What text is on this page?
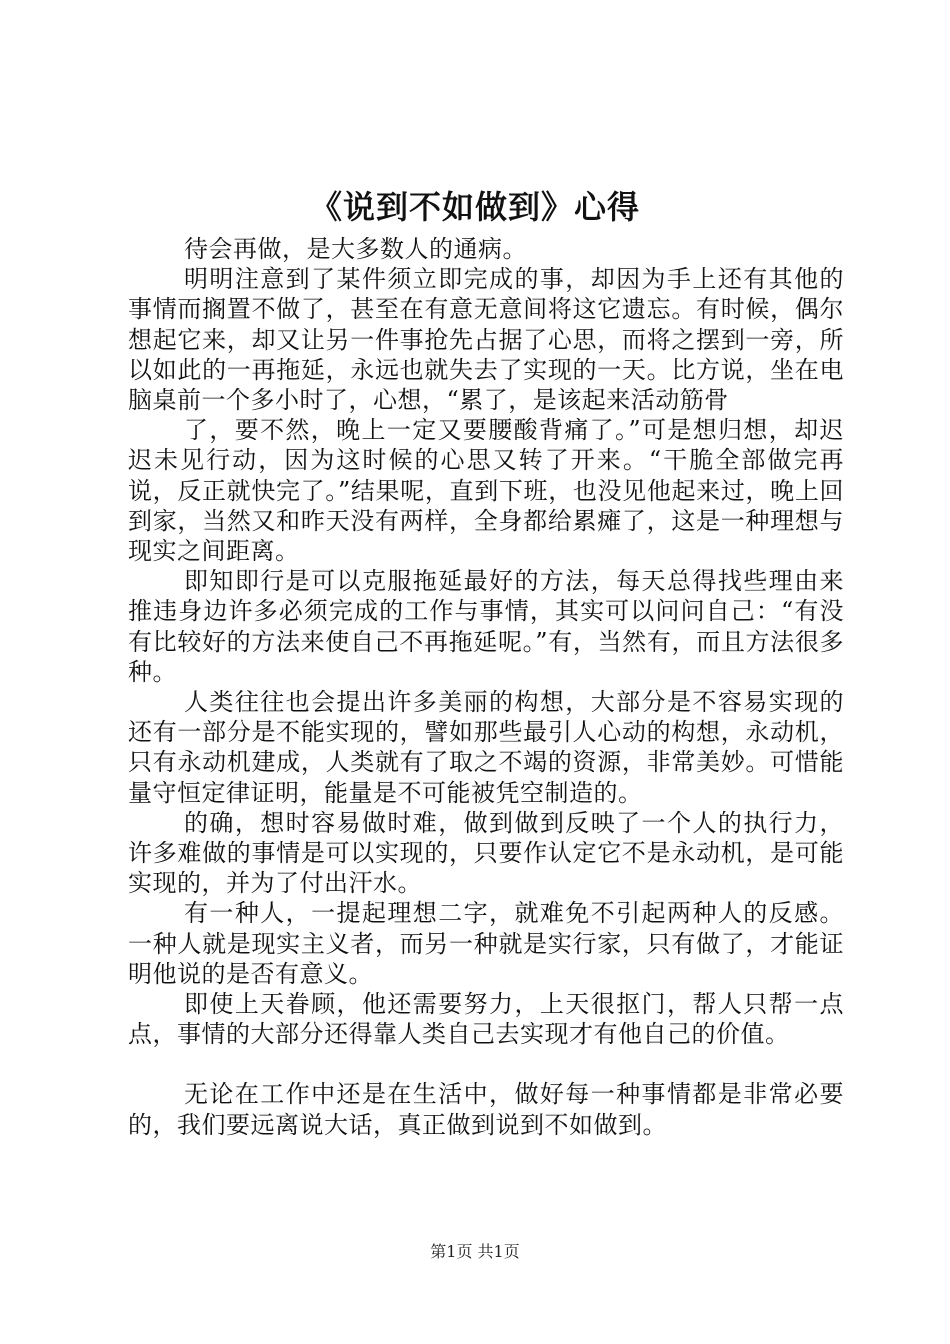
《说到不如做到》心得

待会再做，是大多数人的通病。

明明注意到了某件须立即完成的事，却因为手上还有其他的事情而搁置不做了，甚至在有意无意间将这它遗忘。有时候，偶尔想起它来，却又让另一件事抢先占据了心思，而将之摆到一旁，所以如此的一再拖延，永远也就失去了实现的一天。比方说，坐在电脑桌前一个多小时了，心想，“累了，是该起来活动筋骨

了，要不然，晚上一定又要腰酸背痛了。”可是想归想，却迟迟未见行动，因为这时候的心思又转了开来。“干脆全部做完再说，反正就快完了。”结果呢，直到下班，也没见他起来过，晚上回到家，当然又和昨天没有两样，全身都给累瘫了，这是一种理想与现实之间距离。

即知即行是可以克服拖延最好的方法，每天总得找些理由来推违身边许多必须完成的工作与事情，其实可以问问自己：“有没有比较好的方法来使自己不再拖延呢。”有，当然有，而且方法很多种。

人类往往也会提出许多美丽的构想，大部分是不容易实现的还有一部分是不能实现的，譬如那些最引人心动的构想，永动机，只有永动机建成，人类就有了取之不竭的资源，非常美妙。可惜能量守恒定律证明，能量是不可能被凭空制造的。

的确，想时容易做时难，做到做到反映了一个人的执行力，许多难做的事情是可以实现的，只要作认定它不是永动机，是可能实现的，并为了付出汗水。

有一种人，一提起理想二字，就难免不引起两种人的反感。一种人就是现实主义者，而另一种就是实行家，只有做了，才能证明他说的是否有意义。

即使上天眷顾，他还需要努力，上天很抠门，帮人只帮一点点，事情的大部分还得靠人类自己去实现才有他自己的价值。

无论在工作中还是在生活中，做好每一种事情都是非常必要的，我们要远离说大话，真正做到说到不如做到。

第1页 共1页
